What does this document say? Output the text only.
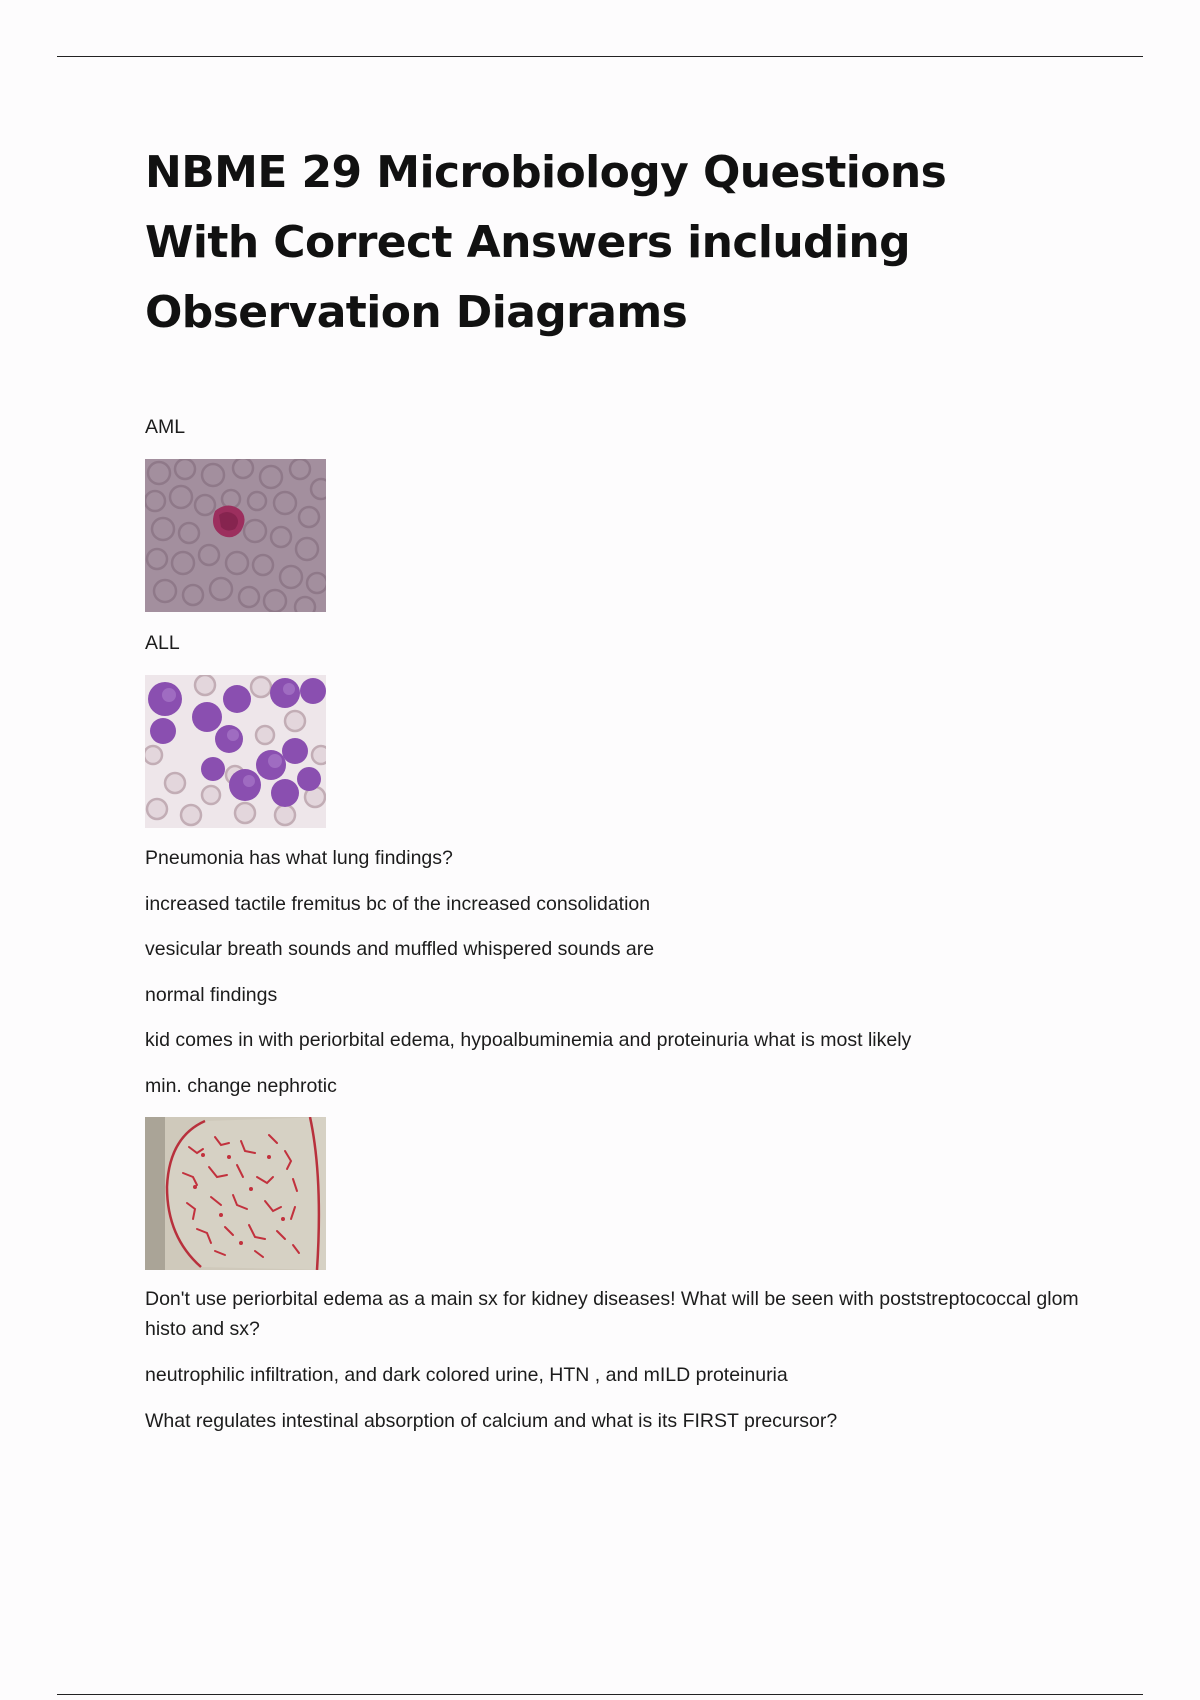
NBME 29 Microbiology Questions With Correct Answers including Observation Diagrams

AML

ALL

Pneumonia has what lung findings?

increased tactile fremitus bc of the increased consolidation

vesicular breath sounds and muffled whispered sounds are

normal findings

kid comes in with periorbital edema, hypoalbuminemia and proteinuria what is most likely

min. change nephrotic

Don't use periorbital edema as a main sx for kidney diseases! What will be seen with poststreptococcal glom histo and sx?

neutrophilic infiltration, and dark colored urine, HTN , and mILD proteinuria

What regulates intestinal absorption of calcium and what is its FIRST precursor?
